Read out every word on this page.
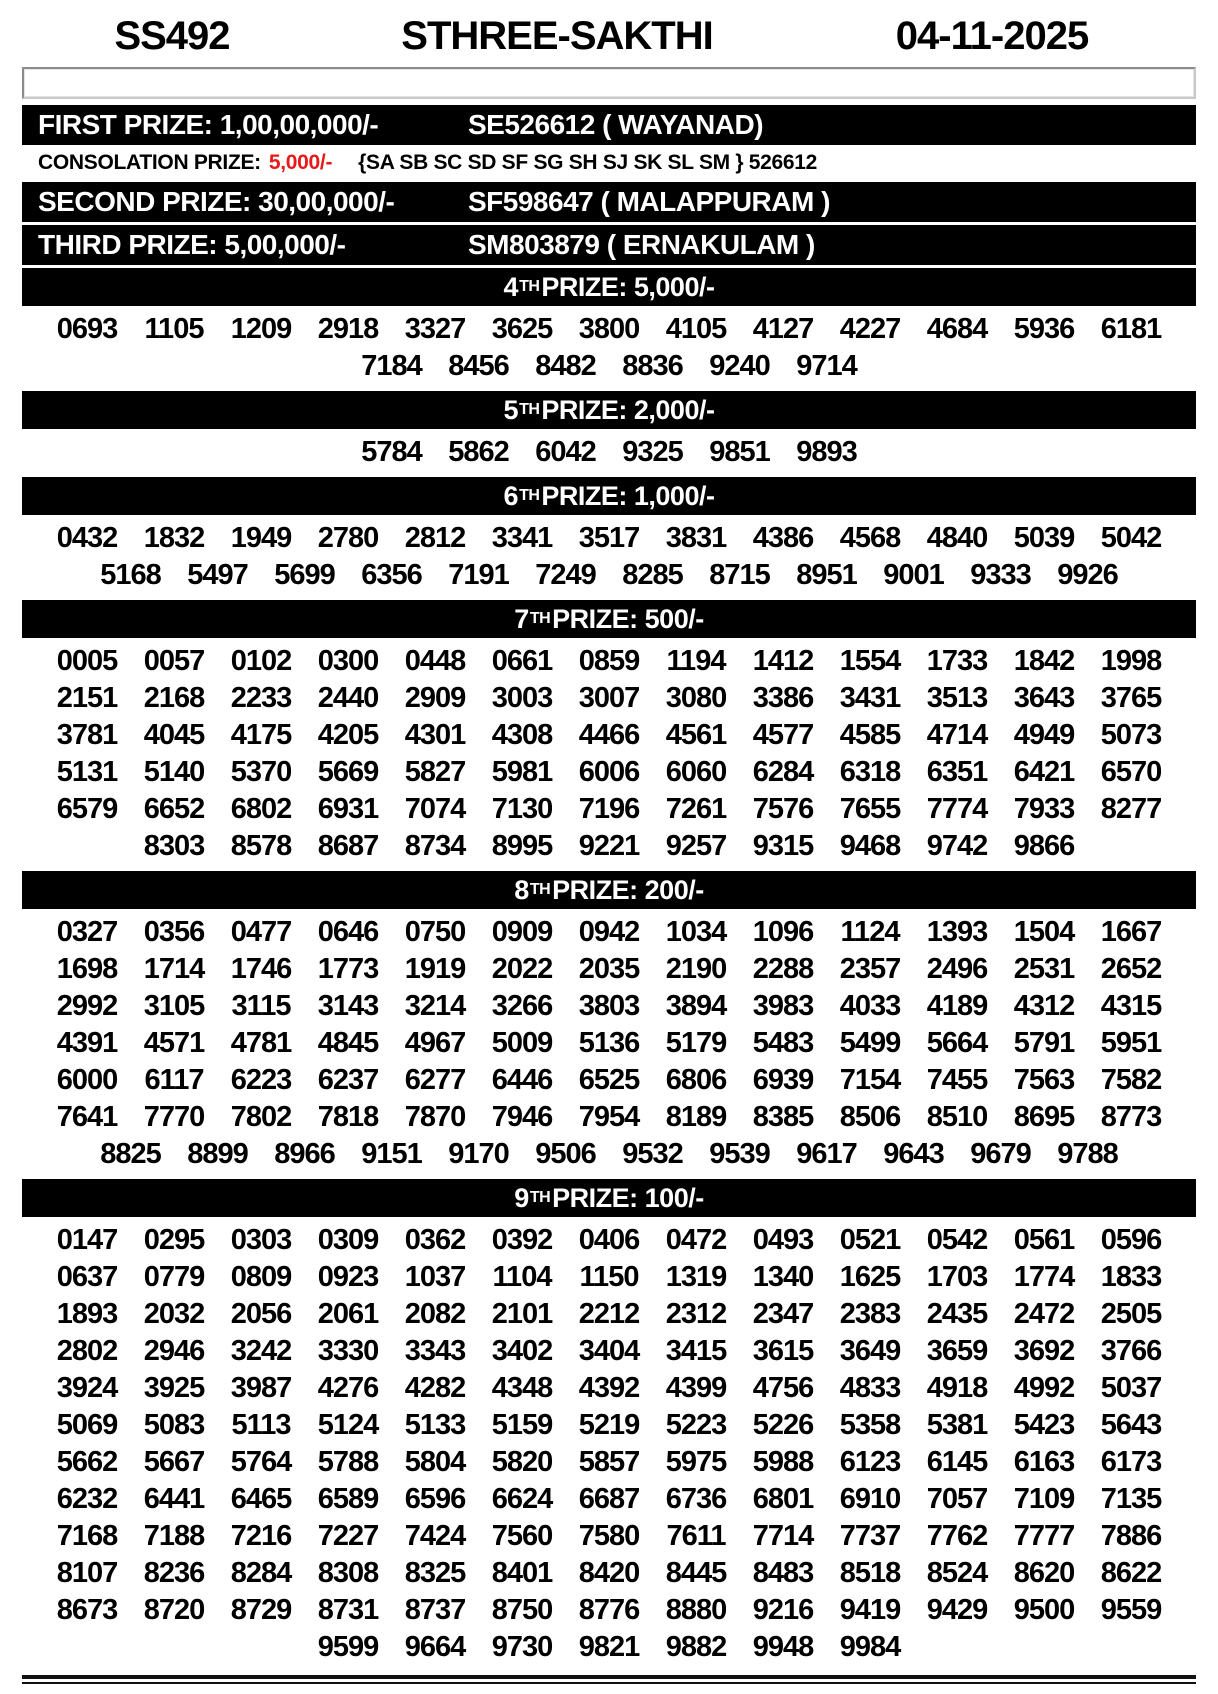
SS492	STHREE-SAKTHI	04-11-2025
FIRST PRIZE: 1,00,00,000/-	SE526612 ( WAYANAD)
CONSOLATION PRIZE: 5,000/- {SA SB SC SD SF SG SH SJ SK SL SM } 526612
SECOND PRIZE: 30,00,000/-	SF598647 ( MALAPPURAM )
THIRD PRIZE: 5,00,000/-	SM803879 ( ERNAKULAM )
4 TH PRIZE: 5,000/-
0693 1105 1209 2918 3327 3625 3800 4105 4127 4227 4684 5936 6181
7184 8456 8482 8836 9240 9714
5 TH PRIZE: 2,000/-
5784 5862 6042 9325 9851 9893
6 TH PRIZE: 1,000/-
0432 1832 1949 2780 2812 3341 3517 3831 4386 4568 4840 5039 5042
5168 5497 5699 6356 7191 7249 8285 8715 8951 9001 9333 9926
7 TH PRIZE: 500/-
0005 0057 0102 0300 0448 0661 0859 1194 1412 1554 1733 1842 1998
2151 2168 2233 2440 2909 3003 3007 3080 3386 3431 3513 3643 3765
3781 4045 4175 4205 4301 4308 4466 4561 4577 4585 4714 4949 5073
5131 5140 5370 5669 5827 5981 6006 6060 6284 6318 6351 6421 6570
6579 6652 6802 6931 7074 7130 7196 7261 7576 7655 7774 7933 8277
8303 8578 8687 8734 8995 9221 9257 9315 9468 9742 9866
8 TH PRIZE: 200/-
0327 0356 0477 0646 0750 0909 0942 1034 1096 1124 1393 1504 1667
1698 1714 1746 1773 1919 2022 2035 2190 2288 2357 2496 2531 2652
2992 3105 3115 3143 3214 3266 3803 3894 3983 4033 4189 4312 4315
4391 4571 4781 4845 4967 5009 5136 5179 5483 5499 5664 5791 5951
6000 6117 6223 6237 6277 6446 6525 6806 6939 7154 7455 7563 7582
7641 7770 7802 7818 7870 7946 7954 8189 8385 8506 8510 8695 8773
8825 8899 8966 9151 9170 9506 9532 9539 9617 9643 9679 9788
9 TH PRIZE: 100/-
0147 0295 0303 0309 0362 0392 0406 0472 0493 0521 0542 0561 0596
0637 0779 0809 0923 1037 1104 1150 1319 1340 1625 1703 1774 1833
1893 2032 2056 2061 2082 2101 2212 2312 2347 2383 2435 2472 2505
2802 2946 3242 3330 3343 3402 3404 3415 3615 3649 3659 3692 3766
3924 3925 3987 4276 4282 4348 4392 4399 4756 4833 4918 4992 5037
5069 5083 5113 5124 5133 5159 5219 5223 5226 5358 5381 5423 5643
5662 5667 5764 5788 5804 5820 5857 5975 5988 6123 6145 6163 6173
6232 6441 6465 6589 6596 6624 6687 6736 6801 6910 7057 7109 7135
7168 7188 7216 7227 7424 7560 7580 7611 7714 7737 7762 7777 7886
8107 8236 8284 8308 8325 8401 8420 8445 8483 8518 8524 8620 8622
8673 8720 8729 8731 8737 8750 8776 8880 9216 9419 9429 9500 9559
9599 9664 9730 9821 9882 9948 9984
